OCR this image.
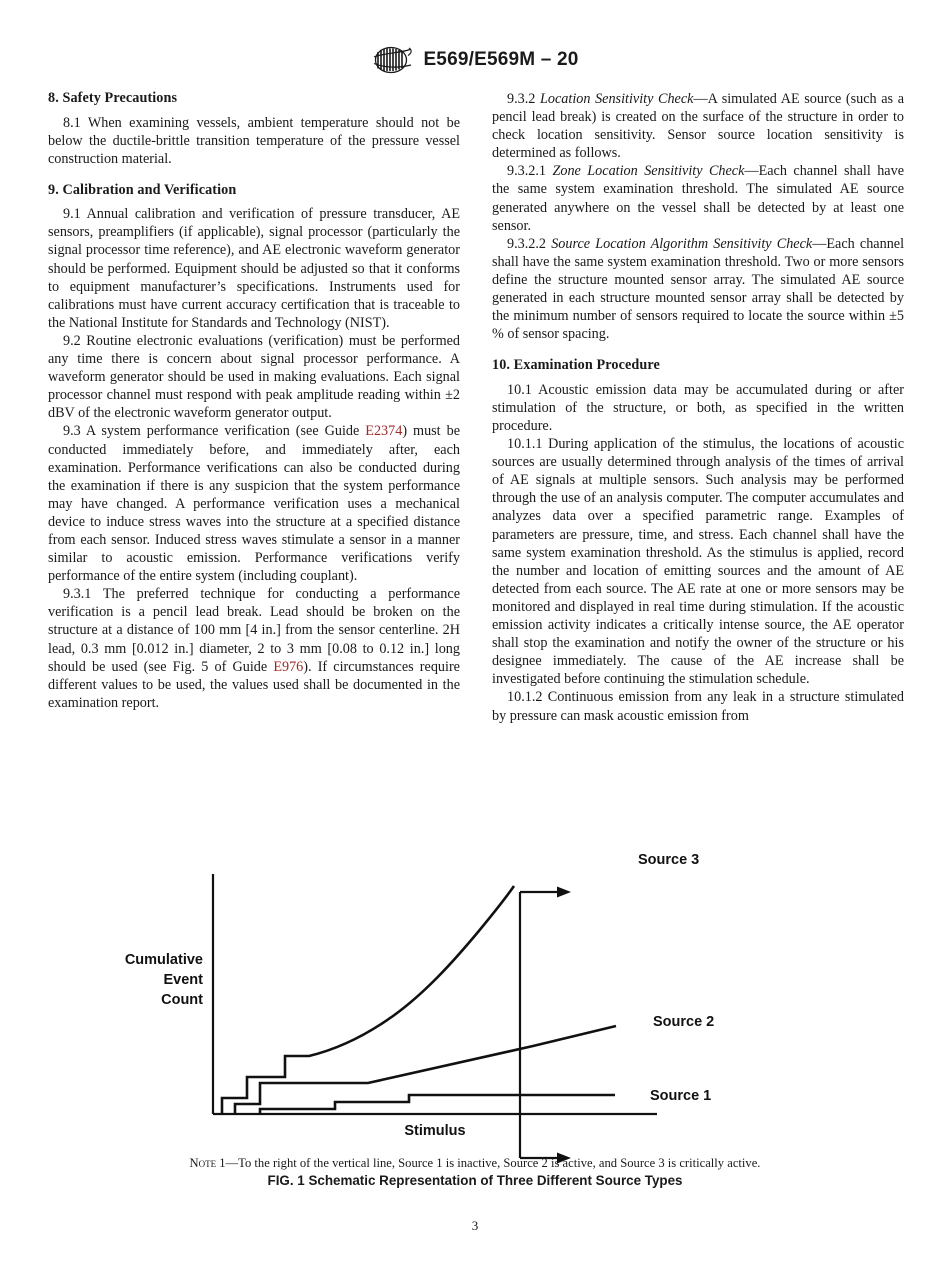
E569/E569M – 20
8. Safety Precautions

8.1 When examining vessels, ambient temperature should not be below the ductile-brittle transition temperature of the pressure vessel construction material.

9. Calibration and Verification

9.1 Annual calibration and verification of pressure transducer, AE sensors, preamplifiers (if applicable), signal processor (particularly the signal processor time reference), and AE electronic waveform generator should be performed. Equipment should be adjusted so that it conforms to equipment manufacturer’s specifications. Instruments used for calibrations must have current accuracy certification that is traceable to the National Institute for Standards and Technology (NIST).

9.2 Routine electronic evaluations (verification) must be performed any time there is concern about signal processor performance. A waveform generator should be used in making evaluations. Each signal processor channel must respond with peak amplitude reading within ±2 dBV of the electronic waveform generator output.

9.3 A system performance verification (see Guide E2374) must be conducted immediately before, and immediately after, each examination. Performance verifications can also be conducted during the examination if there is any suspicion that the system performance may have changed. A performance verification uses a mechanical device to induce stress waves into the structure at a specified distance from each sensor. Induced stress waves stimulate a sensor in a manner similar to acoustic emission. Performance verifications verify performance of the entire system (including couplant).

9.3.1 The preferred technique for conducting a performance verification is a pencil lead break. Lead should be broken on the structure at a distance of 100 mm [4 in.] from the sensor centerline. 2H lead, 0.3 mm [0.012 in.] diameter, 2 to 3 mm [0.08 to 0.12 in.] long should be used (see Fig. 5 of Guide E976). If circumstances require different values to be used, the values used shall be documented in the examination report.

9.3.2 Location Sensitivity Check—A simulated AE source (such as a pencil lead break) is created on the surface of the structure in order to check location sensitivity. Sensor source location sensitivity is determined as follows.

9.3.2.1 Zone Location Sensitivity Check—Each channel shall have the same system examination threshold. The simulated AE source generated anywhere on the vessel shall be detected by at least one sensor.

9.3.2.2 Source Location Algorithm Sensitivity Check—Each channel shall have the same system examination threshold. Two or more sensors define the structure mounted sensor array. The simulated AE source generated in each structure mounted sensor array shall be detected by the minimum number of sensors required to locate the source within ±5 % of sensor spacing.

10. Examination Procedure

10.1 Acoustic emission data may be accumulated during or after stimulation of the structure, or both, as specified in the written procedure.

10.1.1 During application of the stimulus, the locations of acoustic sources are usually determined through analysis of the times of arrival of AE signals at multiple sensors. Such analysis may be performed through the use of an analysis computer. The computer accumulates and analyzes data over a specified parametric range. Examples of parameters are pressure, time, and stress. Each channel shall have the same system examination threshold. As the stimulus is applied, record the number and location of emitting sources and the amount of AE detected from each source. The AE rate at one or more sensors may be monitored and displayed in real time during stimulation. If the acoustic emission activity indicates a critically intense source, the AE operator shall stop the examination and notify the owner of the structure or his designee immediately. The cause of the AE increase shall be investigated before continuing the stimulation schedule.

10.1.2 Continuous emission from any leak in a structure stimulated by pressure can mask acoustic emission from

Cumulative
Event
Count
Stimulus
Source 3
Source 2
Source 1
Note 1—To the right of the vertical line, Source 1 is inactive, Source 2 is active, and Source 3 is critically active.
FIG. 1 Schematic Representation of Three Different Source Types
3
